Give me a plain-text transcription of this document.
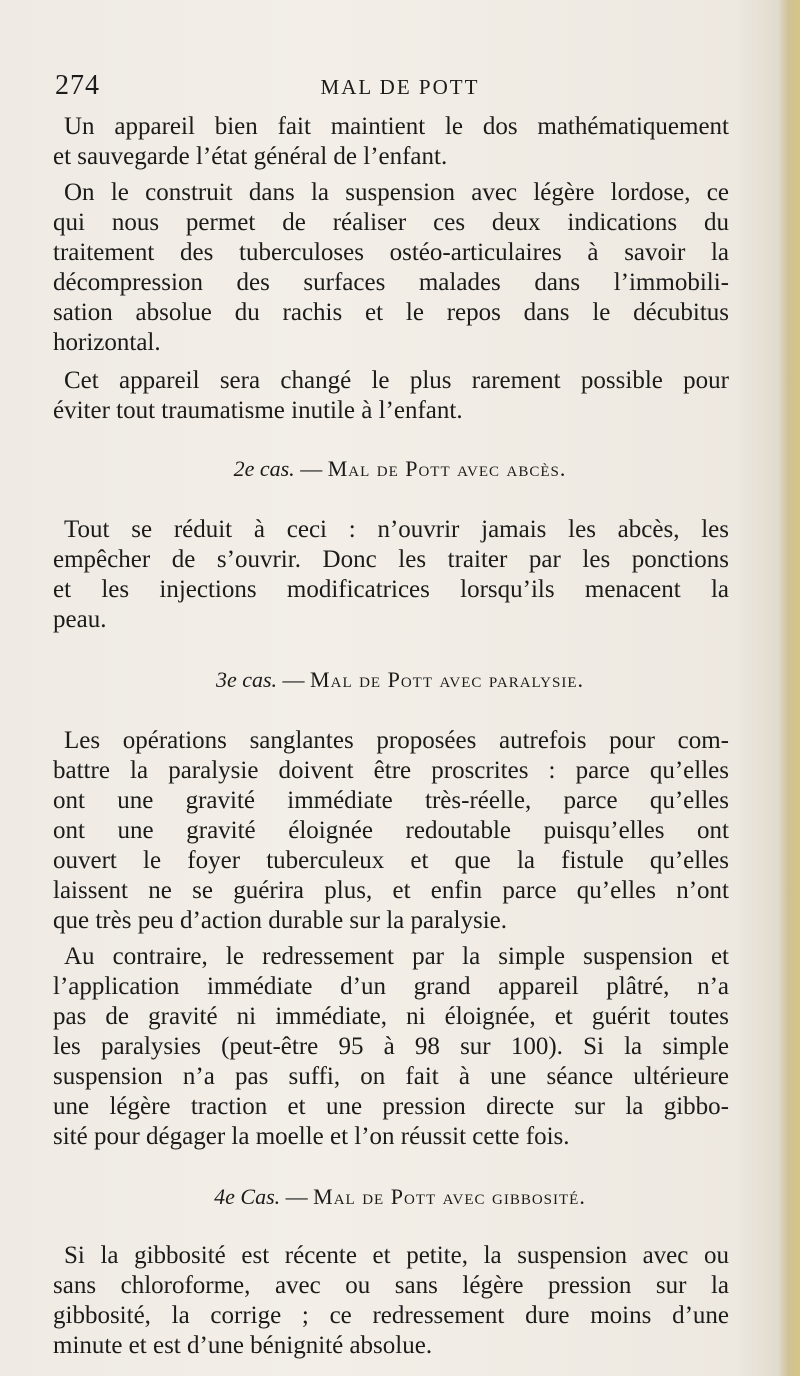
274	MAL DE POTT
Un appareil bien fait maintient le dos mathématiquement
et sauvegarde l’état général de l’enfant.
On le construit dans la suspension avec légère lordose, ce
qui nous permet de réaliser ces deux indications du
traitement des tuberculoses ostéo-articulaires à savoir la
décompression des surfaces malades dans l’immobili-
sation absolue du rachis et le repos dans le décubitus
horizontal.
Cet appareil sera changé le plus rarement possible pour
éviter tout traumatisme inutile à l’enfant.
2e cas. — Mal de Pott avec abcès.
Tout se réduit à ceci : n’ouvrir jamais les abcès, les
empêcher de s’ouvrir. Donc les traiter par les ponctions
et les injections modificatrices lorsqu’ils menacent la
peau.
3e cas. — Mal de Pott avec paralysie.
Les opérations sanglantes proposées autrefois pour com-
battre la paralysie doivent être proscrites : parce qu’elles
ont une gravité immédiate très-réelle, parce qu’elles
ont une gravité éloignée redoutable puisqu’elles ont
ouvert le foyer tuberculeux et que la fistule qu’elles
laissent ne se guérira plus, et enfin parce qu’elles n’ont
que très peu d’action durable sur la paralysie.
Au contraire, le redressement par la simple suspension et
l’application immédiate d’un grand appareil plâtré, n’a
pas de gravité ni immédiate, ni éloignée, et guérit toutes
les paralysies (peut-être 95 à 98 sur 100). Si la simple
suspension n’a pas suffi, on fait à une séance ultérieure
une légère traction et une pression directe sur la gibbo-
sité pour dégager la moelle et l’on réussit cette fois.
4e Cas. — Mal de Pott avec gibbosité.
Si la gibbosité est récente et petite, la suspension avec ou
sans chloroforme, avec ou sans légère pression sur la
gibbosité, la corrige ; ce redressement dure moins d’une
minute et est d’une bénignité absolue.
